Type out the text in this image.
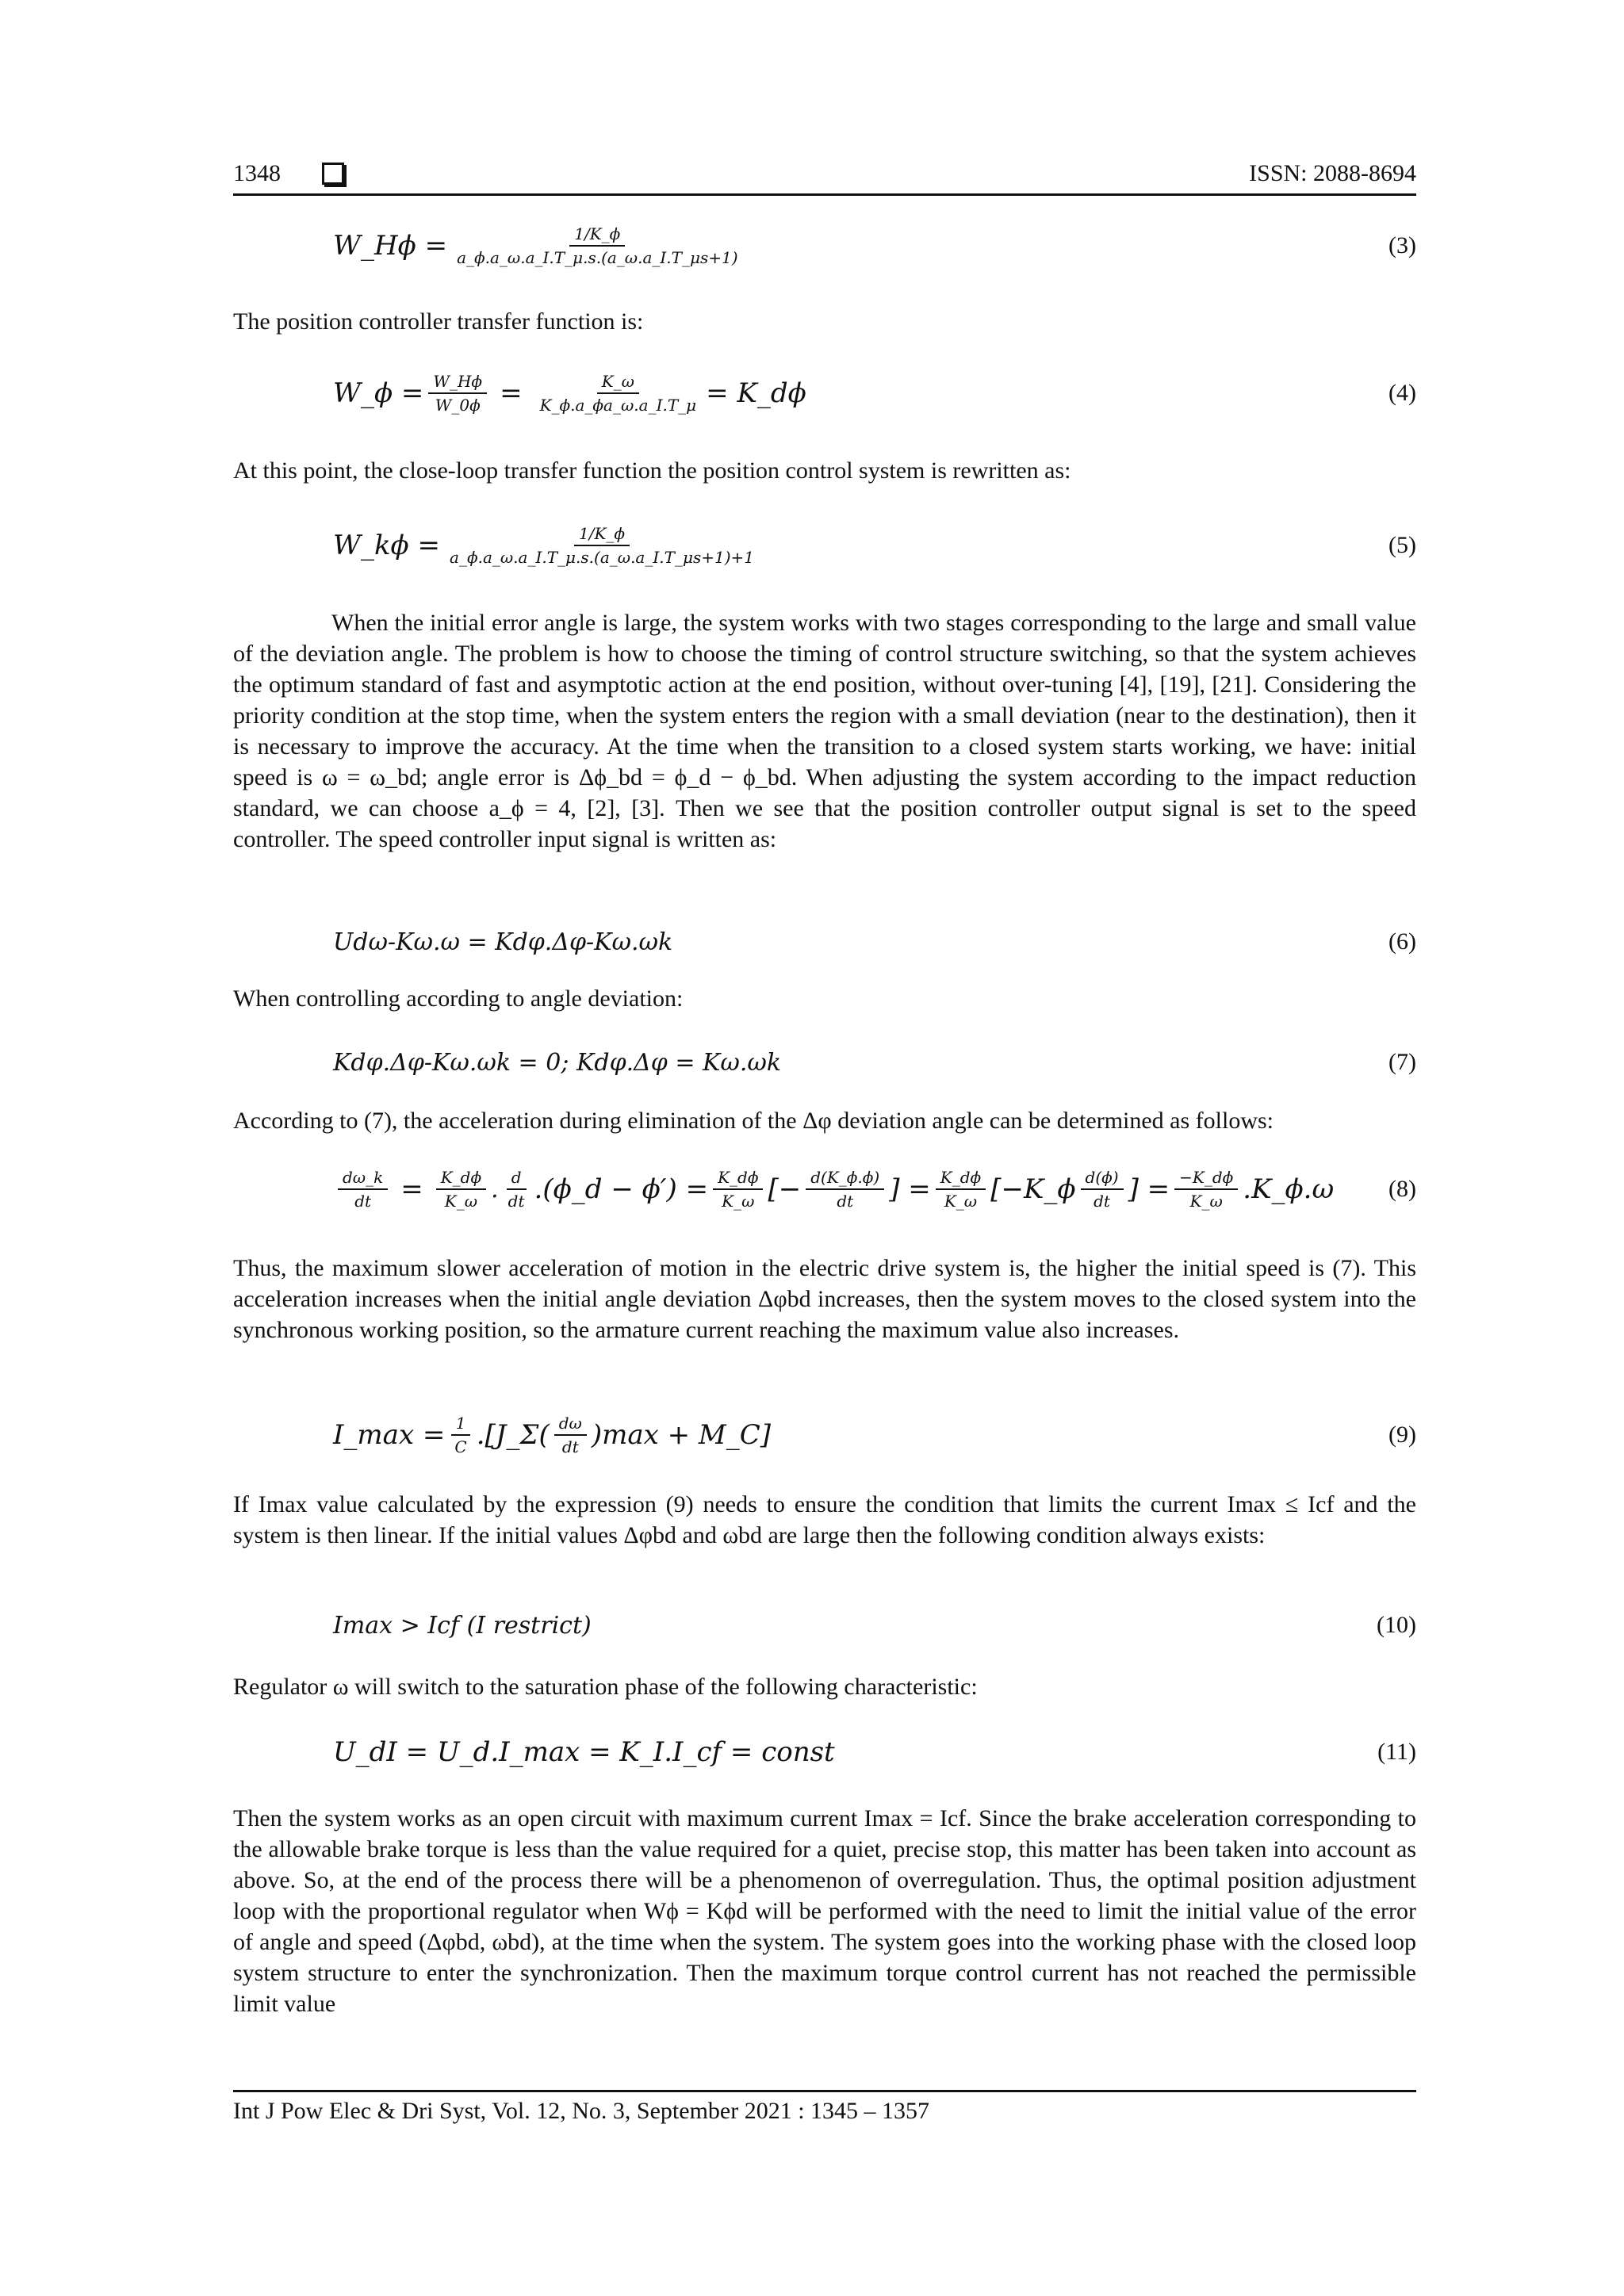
1348	ISSN: 2088-8694
W_Hϕ = $\frac{1/K\_\phi}{a\_\phi.a\_\omega.a\_I.T\_\mu.s.(a\_\omega.a\_I.T\_\mu s+1)}$	(3)
The position controller transfer function is:
W_ϕ = $\frac{W\_H\phi}{W\_0\phi} = \frac{K\_\omega}{K\_\phi.a\_\phi a\_\omega.a\_I.T\_\mu}$ = K_dϕ	(4)
At this point, the close-loop transfer function the position control system is rewritten as:
W_kϕ = $\frac{1/K\_\phi}{a\_\phi.a\_\omega.a\_I.T\_\mu.s.(a\_\omega.a\_I.T\_\mu s+1)+1}$	(5)
When the initial error angle is large, the system works with two stages corresponding to the large and small value of the deviation angle. The problem is how to choose the timing of control structure switching, so that the system achieves the optimum standard of fast and asymptotic action at the end position, without over-tuning [4], [19], [21]. Considering the priority condition at the stop time, when the system enters the region with a small deviation (near to the destination), then it is necessary to improve the accuracy. At the time when the transition to a closed system starts working, we have: initial speed is ω = ω_bd; angle error is Δϕ_bd = ϕ_d − ϕ_bd. When adjusting the system according to the impact reduction standard, we can choose a_ϕ = 4, [2], [3]. Then we see that the position controller output signal is set to the speed controller. The speed controller input signal is written as:
Udω-Kω.ω = Kdφ.Δφ-Kω.ωk	(6)
When controlling according to angle deviation:
Kdφ.Δφ-Kω.ωk = 0; Kdφ.Δφ = Kω.ωk	(7)
According to (7), the acceleration during elimination of the Δφ deviation angle can be determined as follows:
$\frac{d\omega\_k}{dt} = \frac{K\_d\phi}{K\_\omega}$ . $\frac{d}{dt}$ .(ϕ_d − $\phi') = \frac{K\_d\phi}{K\_\omega}$ [− $\frac{d(K\_\phi.\phi)}{dt}$ ] = $\frac{K\_d\phi}{K\_\omega}$ [−K_ϕ $\frac{d(\phi)}{dt}$ ] = $\frac{-K\_d\phi}{K\_\omega}$ .K_ϕ.ω (8)
Thus, the maximum slower acceleration of motion in the electric drive system is, the higher the initial speed is (7). This acceleration increases when the initial angle deviation Δφbd increases, then the system moves to the closed system into the synchronous working position, so the armature current reaching the maximum value also increases.
I_max = $\frac{1}{C}$ .[J_Σ( $\frac{d\omega}{dt} )\max$ + M_C]	(9)
If Imax value calculated by the expression (9) needs to ensure the condition that limits the current Imax ≤ Icf and the system is then linear. If the initial values Δφbd and ωbd are large then the following condition always exists:
Imax > Icf (I restrict)	(10)
Regulator ω will switch to the saturation phase of the following characteristic:
U_dI = U_d.I_max = K_I.I_cf = const	(11)
Then the system works as an open circuit with maximum current Imax = Icf. Since the brake acceleration corresponding to the allowable brake torque is less than the value required for a quiet, precise stop, this matter has been taken into account as above. So, at the end of the process there will be a phenomenon of overregulation. Thus, the optimal position adjustment loop with the proportional regulator when Wϕ = Kϕd will be performed with the need to limit the initial value of the error of angle and speed (Δφbd, ωbd), at the time when the system. The system goes into the working phase with the closed loop system structure to enter the synchronization. Then the maximum torque control current has not reached the permissible limit value
Int J Pow Elec & Dri Syst, Vol. 12, No. 3, September 2021 : 1345 – 1357
